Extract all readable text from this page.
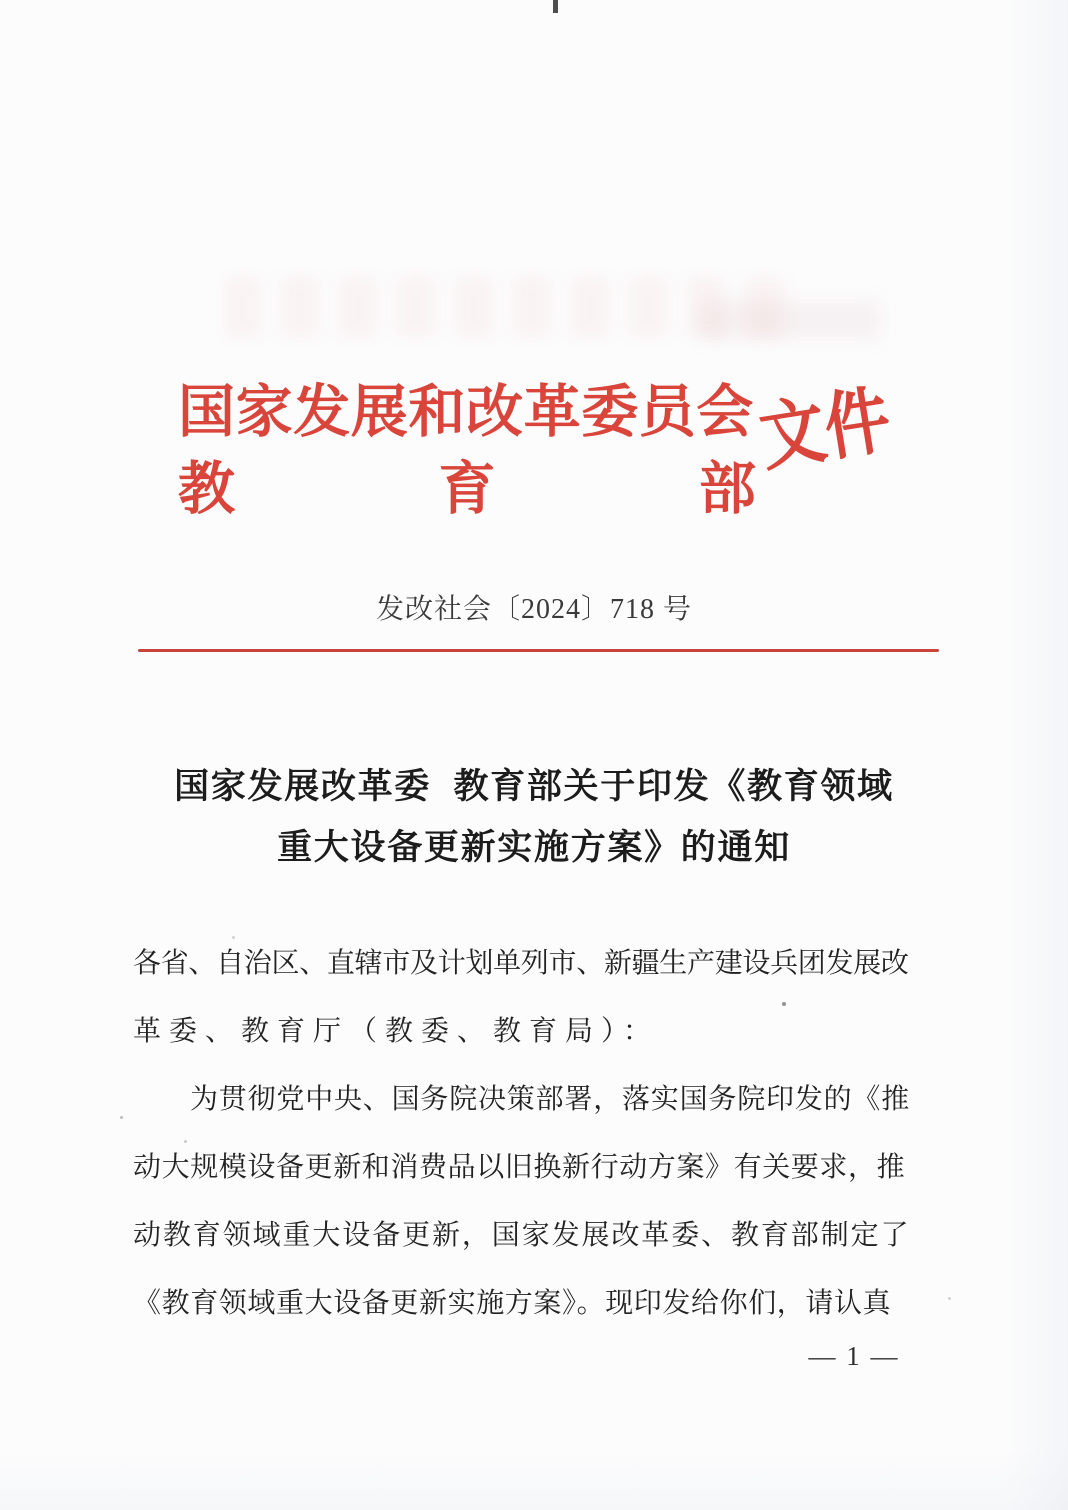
国家发展和改革委员会
教	育	部
文件
发改社会〔2024〕718 号
国家发展改革委 教育部关于印发《教育领域
重大设备更新实施方案》的通知
各省、自治区、直辖市及计划单列市、新疆生产建设兵团发展改
革委、教育厅（教委、教育局）：
为贯彻党中央、国务院决策部署，落实国务院印发的《推
动大规模设备更新和消费品以旧换新行动方案》有关要求，推
动教育领域重大设备更新，国家发展改革委、教育部制定了
《教育领域重大设备更新实施方案》。现印发给你们，请认真
— 1 —
